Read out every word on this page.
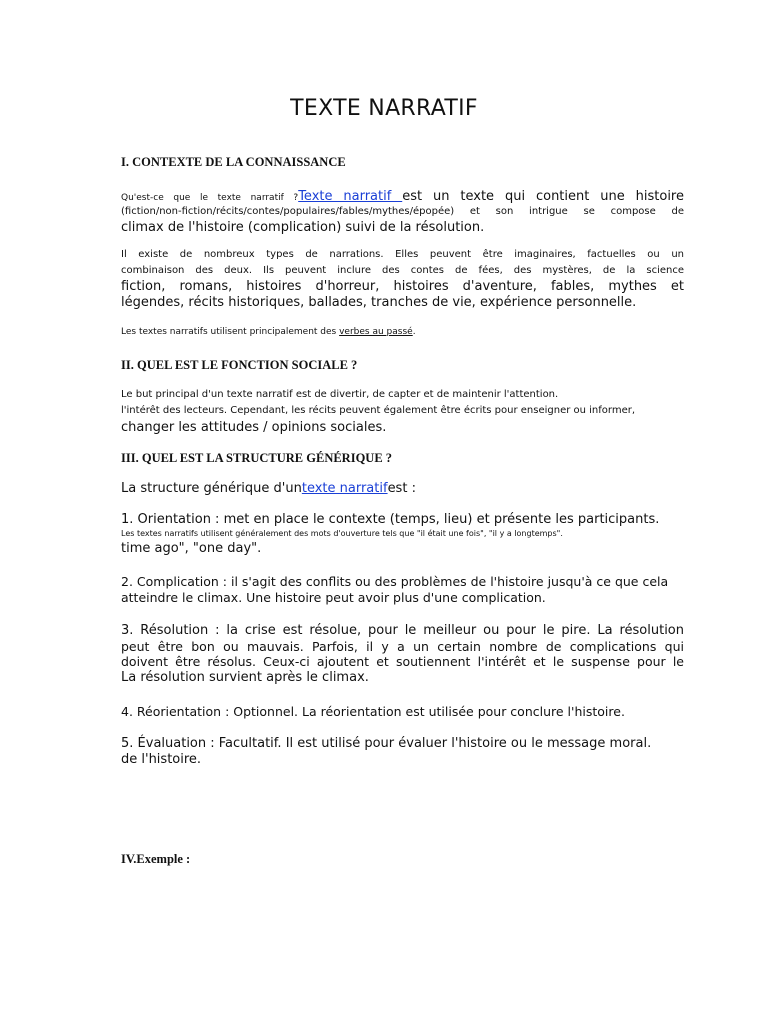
TEXTE NARRATIF
I. CONTEXTE DE LA CONNAISSANCE
Qu'est-ce que le texte narratif ?Texte narratif est un texte qui contient une histoire
(fiction/non-fiction/récits/contes/populaires/fables/mythes/épopée) et son intrigue se compose de
climax de l'histoire (complication) suivi de la résolution.
Il existe de nombreux types de narrations. Elles peuvent être imaginaires, factuelles ou un
combinaison des deux. Ils peuvent inclure des contes de fées, des mystères, de la science
fiction, romans, histoires d'horreur, histoires d'aventure, fables, mythes et
légendes, récits historiques, ballades, tranches de vie, expérience personnelle.
Les textes narratifs utilisent principalement des verbes au passé.
II. QUEL EST LE FONCTION SOCIALE ?
Le but principal d'un texte narratif est de divertir, de capter et de maintenir l'attention.
l'intérêt des lecteurs. Cependant, les récits peuvent également être écrits pour enseigner ou informer,
changer les attitudes / opinions sociales.
III. QUEL EST LA STRUCTURE GÉNÉRIQUE ?
La structure générique d'untexte narratifest :
1. Orientation : met en place le contexte (temps, lieu) et présente les participants.
Les textes narratifs utilisent généralement des mots d'ouverture tels que "il était une fois", "il y a longtemps".
time ago", "one day".
2. Complication : il s'agit des conflits ou des problèmes de l'histoire jusqu'à ce que cela
atteindre le climax. Une histoire peut avoir plus d'une complication.
3. Résolution : la crise est résolue, pour le meilleur ou pour le pire. La résolution
peut être bon ou mauvais. Parfois, il y a un certain nombre de complications qui
doivent être résolus. Ceux-ci ajoutent et soutiennent l'intérêt et le suspense pour le
La résolution survient après le climax.
4. Réorientation : Optionnel. La réorientation est utilisée pour conclure l'histoire.
5. Évaluation : Facultatif. Il est utilisé pour évaluer l'histoire ou le message moral.
de l'histoire.
IV.Exemple :
